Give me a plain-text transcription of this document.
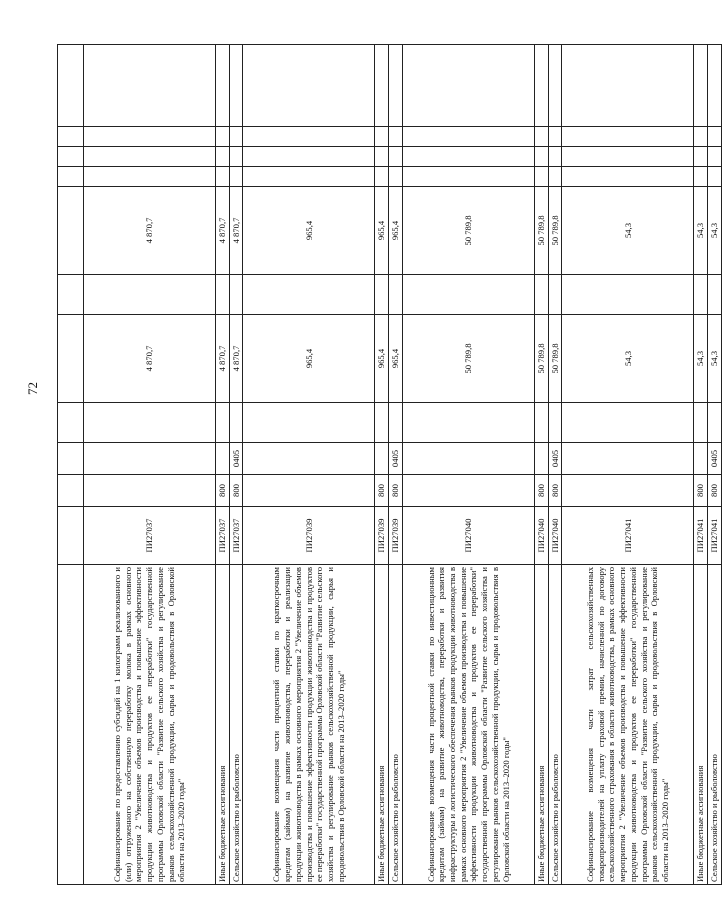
72

Софинансирование по предоставлению субсидий на 1 килограмм реализованного и (или) отгруженного на собственную переработку молока в рамках основного мероприятия 2 "Увеличение объемов производства и повышение эффективности продукции животноводства и продуктов ее переработки" государственной программы Орловской области "Развитие сельского хозяйства и регулирование рынков сельскохозяйственной продукции, сырья и продовольствия в Орловской области на 2013–2020 годы"	ПИ27037				4 870,7		4 870,7				
Иные бюджетные ассигнования	ПИ27037	800			4 870,7		4 870,7				
Сельское хозяйство и рыболовство	ПИ27037	800	0405		4 870,7		4 870,7				
Софинансирование возмещения части процентной ставки по краткосрочным кредитам (займам) на развитие животноводства, переработки и реализации продукции животноводства в рамках основного мероприятия 2 "Увеличение объемов производства и повышение эффективности продукции животноводства и продуктов ее переработки" государственной программы Орловской области "Развитие сельского хозяйства и регулирование рынков сельскохозяйственной продукции, сырья и продовольствия в Орловской области на 2013–2020 годы"	ПИ27039				965,4		965,4				
Иные бюджетные ассигнования	ПИ27039	800			965,4		965,4				
Сельское хозяйство и рыболовство	ПИ27039	800	0405		965,4		965,4				
Софинансирование возмещения части процентной ставки по инвестиционным кредитам (займам) на развитие животноводства, переработки и развития инфраструктуры и логистического обеспечения рынков продукции животноводства в рамках основного мероприятия 2 "Увеличение объемов производства и повышение эффективности продукции животноводства и продуктов ее переработки" государственной программы Орловской области "Развитие сельского хозяйства и регулирование рынков сельскохозяйственной продукции, сырья и продовольствия в Орловской области на 2013–2020 годы"	ПИ27040				50 789,8		50 789,8				
Иные бюджетные ассигнования	ПИ27040	800			50 789,8		50 789,8				
Сельское хозяйство и рыболовство	ПИ27040	800	0405		50 789,8		50 789,8				
Софинансирование возмещения части затрат сельскохозяйственных товаропроизводителей на уплату страховой премии, начисленной по договору сельскохозяйственного страхования в области животноводства, в рамках основного мероприятия 2 "Увеличение объемов производства и повышение эффективности продукции животноводства и продуктов ее переработки" государственной программы Орловской области "Развитие сельского хозяйства и регулирование рынков сельскохозяйственной продукции, сырья и продовольствия в Орловской области на 2013–2020 годы"	ПИ27041				54,3		54,3				
Иные бюджетные ассигнования	ПИ27041	800			54,3		54,3				
Сельское хозяйство и рыболовство	ПИ27041	800	0405		54,3		54,3				
